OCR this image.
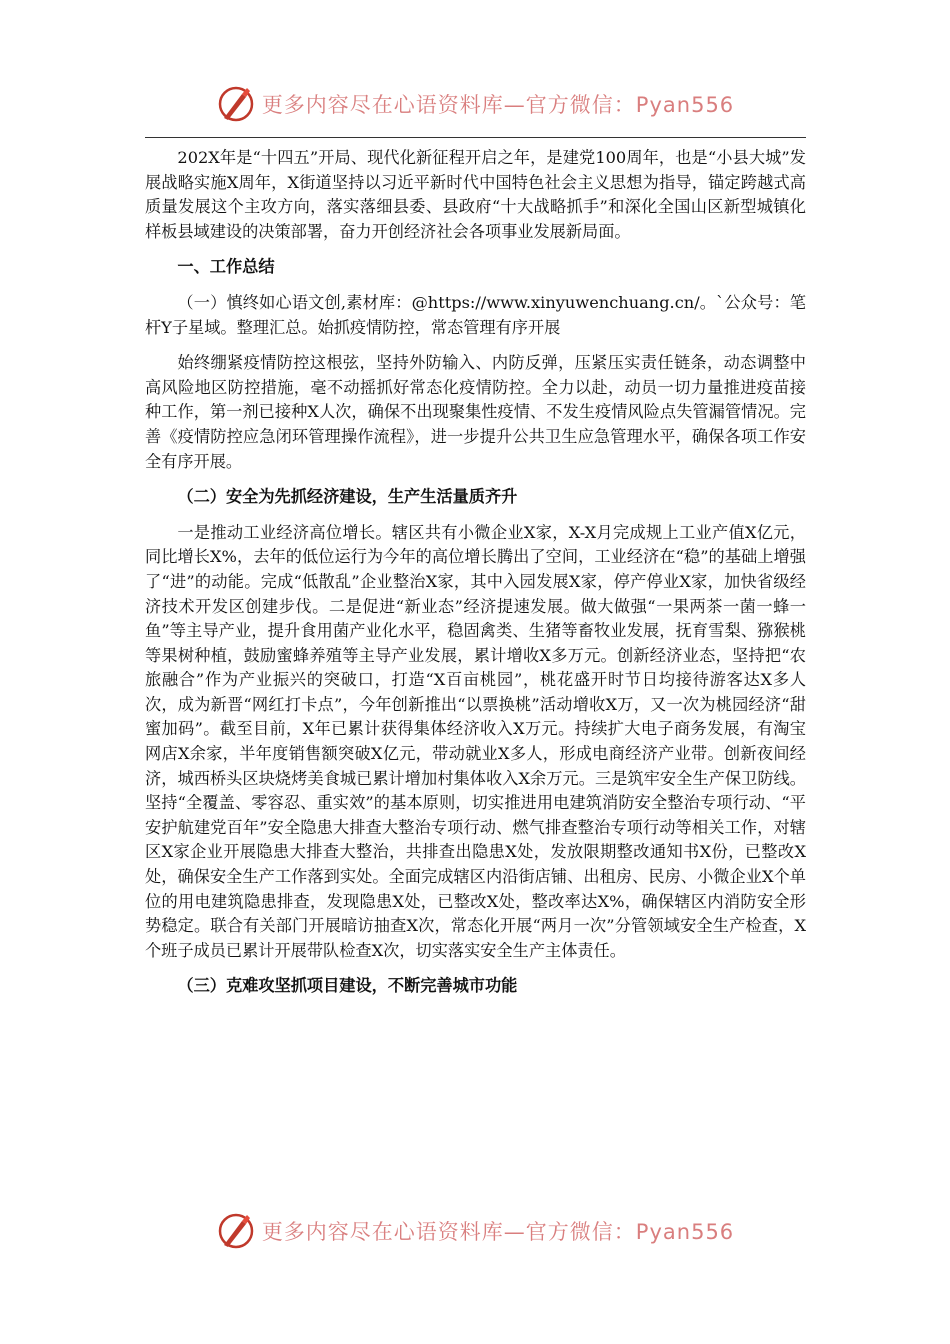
更多内容尽在心语资料库—官方微信：Pyan556

202X年是“十四五”开局、现代化新征程开启之年，是建党100周年，也是“小县大城”发展战略实施X周年，X街道坚持以习近平新时代中国特色社会主义思想为指导，锚定跨越式高质量发展这个主攻方向，落实落细县委、县政府“十大战略抓手”和深化全国山区新型城镇化样板县域建设的决策部署，奋力开创经济社会各项事业发展新局面。

一、工作总结

（一）慎终如心语文创,素材库：@https://www.xinyuwenchuang.cn/。`公众号：笔杆Y子星域。整理汇总。始抓疫情防控，常态管理有序开展

始终绷紧疫情防控这根弦，坚持外防输入、内防反弹，压紧压实责任链条，动态调整中高风险地区防控措施，毫不动摇抓好常态化疫情防控。全力以赴，动员一切力量推进疫苗接种工作，第一剂已接种X人次，确保不出现聚集性疫情、不发生疫情风险点失管漏管情况。完善《疫情防控应急闭环管理操作流程》，进一步提升公共卫生应急管理水平，确保各项工作安全有序开展。

（二）安全为先抓经济建设，生产生活量质齐升

一是推动工业经济高位增长。辖区共有小微企业X家，X-X月完成规上工业产值X亿元，同比增长X%，去年的低位运行为今年的高位增长腾出了空间，工业经济在“稳”的基础上增强了“进”的动能。完成“低散乱”企业整治X家，其中入园发展X家，停产停业X家，加快省级经济技术开发区创建步伐。二是促进“新业态”经济提速发展。做大做强“一果两茶一菌一蜂一鱼”等主导产业，提升食用菌产业化水平，稳固禽类、生猪等畜牧业发展，抚育雪梨、猕猴桃等果树种植，鼓励蜜蜂养殖等主导产业发展，累计增收X多万元。创新经济业态，坚持把“农旅融合”作为产业振兴的突破口，打造“X百亩桃园”，桃花盛开时节日均接待游客达X多人次，成为新晋“网红打卡点”，今年创新推出“以票换桃”活动增收X万，又一次为桃园经济“甜蜜加码”。截至目前，X年已累计获得集体经济收入X万元。持续扩大电子商务发展，有淘宝网店X余家，半年度销售额突破X亿元，带动就业X多人，形成电商经济产业带。创新夜间经济，城西桥头区块烧烤美食城已累计增加村集体收入X余万元。三是筑牢安全生产保卫防线。坚持“全覆盖、零容忍、重实效”的基本原则，切实推进用电建筑消防安全整治专项行动、“平安护航建党百年”安全隐患大排查大整治专项行动、燃气排查整治专项行动等相关工作，对辖区X家企业开展隐患大排查大整治，共排查出隐患X处，发放限期整改通知书X份，已整改X处，确保安全生产工作落到实处。全面完成辖区内沿街店铺、出租房、民房、小微企业X个单位的用电建筑隐患排查，发现隐患X处，已整改X处，整改率达X%，确保辖区内消防安全形势稳定。联合有关部门开展暗访抽查X次，常态化开展“两月一次”分管领域安全生产检查，X个班子成员已累计开展带队检查X次，切实落实安全生产主体责任。

（三）克难攻坚抓项目建设，不断完善城市功能

更多内容尽在心语资料库—官方微信：Pyan556
